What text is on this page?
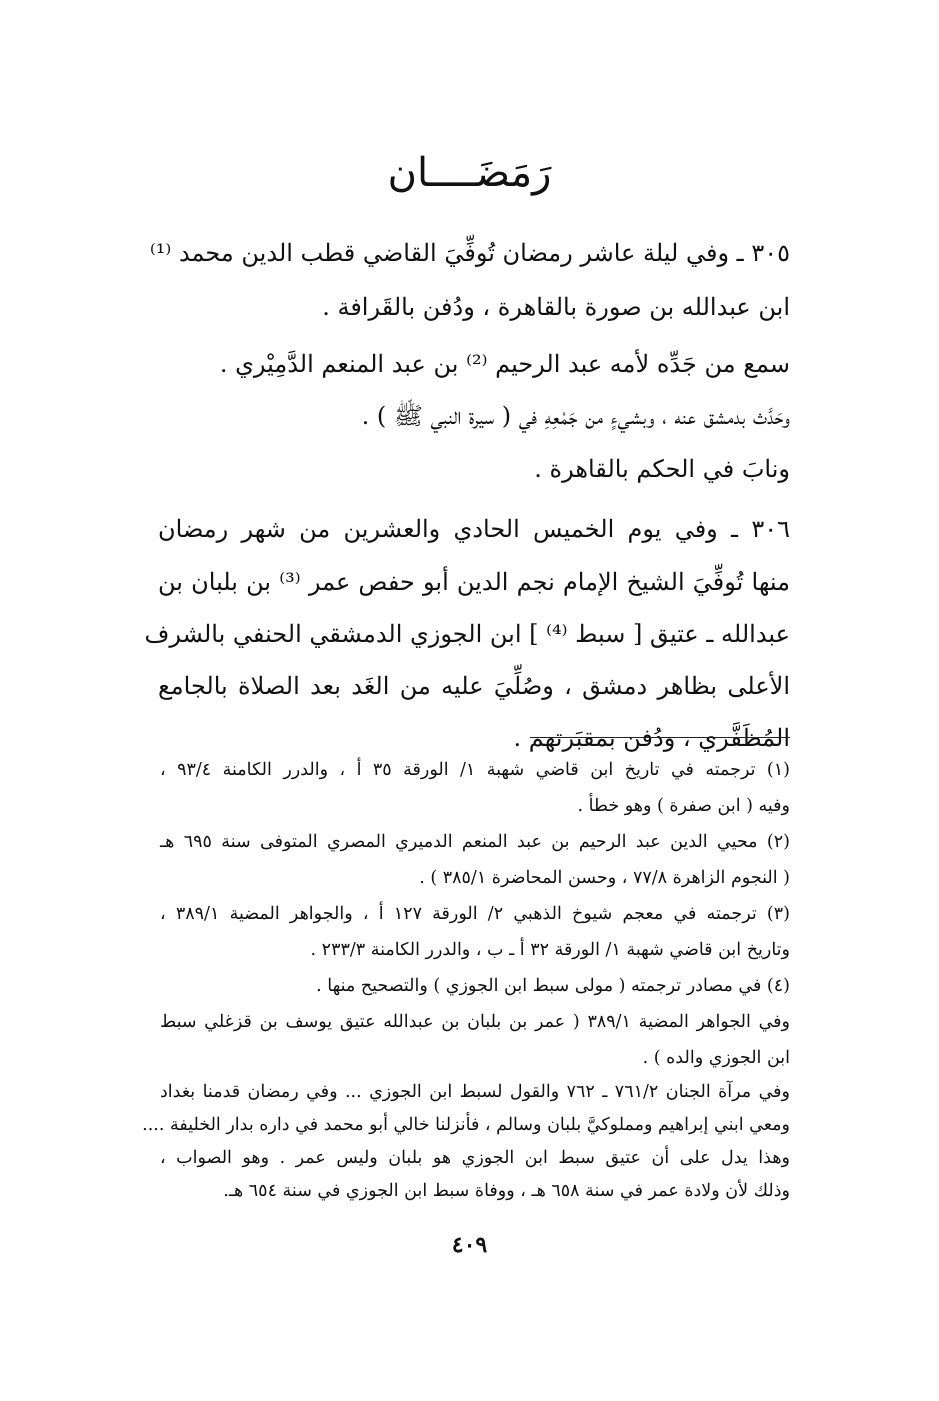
رَمَضَــــان
٣٠٥ ـ وفي ليلة عاشر رمضان تُوفِّيَ القاضي قطب الدين محمد ⁽¹⁾
ابن عبدالله بن صورة بالقاهرة ، ودُفن بالقَرافة .
سمع من جَدِّه لأمه عبد الرحيم ⁽²⁾ بن عبد المنعم الدَّمِيْري .
وحَدَّث بدمشق عنه ، وبشيءٍ من جَمْعِهِ في ( سيرة النبي ﷺ ) .
ونابَ في الحكم بالقاهرة .
٣٠٦ ـ وفي يوم الخميس الحادي والعشرين من شهر رمضان
منها تُوفِّيَ الشيخ الإمام نجم الدين أبو حفص عمر ⁽³⁾ بن بلبان بن
عبدالله ـ عتيق [ سبط ⁽⁴⁾ ] ابن الجوزي الدمشقي الحنفي بالشرف
الأعلى بظاهر دمشق ، وصُلِّيَ عليه من الغَد بعد الصلاة بالجامع
المُظَفَّري ، ودُفن بمقبَرتهم .
(١) ترجمته في تاريخ ابن قاضي شهبة ١/ الورقة ٣٥ أ ، والدرر الكامنة ٩٣/٤ ،
وفيه ( ابن صفرة ) وهو خطأ .
(٢) محيي الدين عبد الرحيم بن عبد المنعم الدميري المصري المتوفى سنة ٦٩٥ هـ
( النجوم الزاهرة ٧٧/٨ ، وحسن المحاضرة ٣٨٥/١ ) .
(٣) ترجمته في معجم شيوخ الذهبي ٢/ الورقة ١٢٧ أ ، والجواهر المضية ٣٨٩/١ ،
وتاريخ ابن قاضي شهبة ١/ الورقة ٣٢ أ ـ ب ، والدرر الكامنة ٢٣٣/٣ .
(٤) في مصادر ترجمته ( مولى سبط ابن الجوزي ) والتصحيح منها .
وفي الجواهر المضية ٣٨٩/١ ( عمر بن بلبان بن عبدالله عتيق يوسف بن قزغلي سبط
ابن الجوزي والده ) .
وفي مرآة الجنان ٧٦١/٢ ـ ٧٦٢ والقول لسبط ابن الجوزي ... وفي رمضان قدمنا بغداد
ومعي ابني إبراهيم ومملوكيَّ بلبان وسالم ، فأنزلنا خالي أبو محمد في داره بدار الخليفة ....
وهذا يدل على أن عتيق سبط ابن الجوزي هو بلبان وليس عمر . وهو الصواب ،
وذلك لأن ولادة عمر في سنة ٦٥٨ هـ ، ووفاة سبط ابن الجوزي في سنة ٦٥٤ هـ.
٤٠٩
